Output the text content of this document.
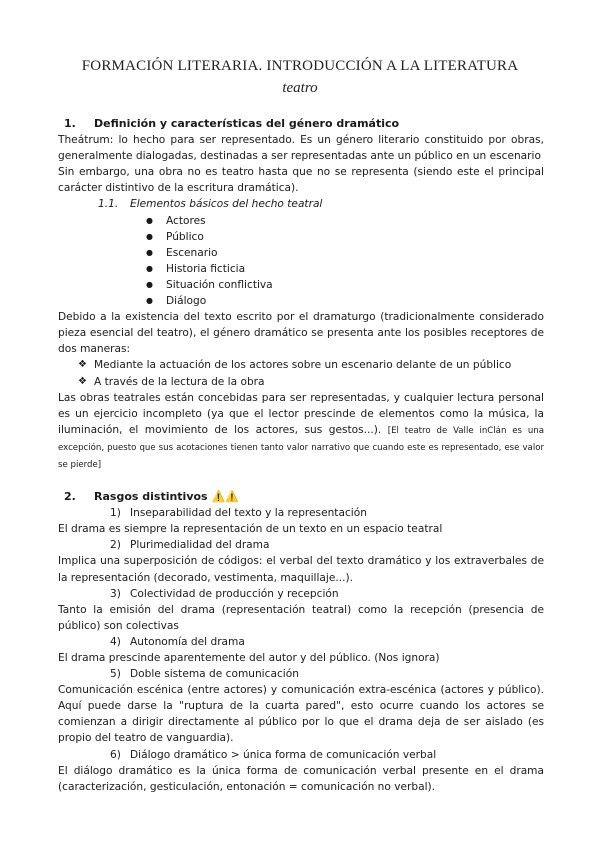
FORMACIÓN LITERARIA. INTRODUCCIÓN A LA LITERATURA
teatro
1. Definición y características del género dramático

Theátrum: lo hecho para ser representado. Es un género literario constituido por obras, generalmente dialogadas, destinadas a ser representadas ante un público en un escenario

Sin embargo, una obra no es teatro hasta que no se representa (siendo este el principal carácter distintivo de la escritura dramática).

1.1. Elementos básicos del hecho teatral

● Actores
● Público
● Escenario
● Historia ficticia
● Situación conflictiva
● Diálogo

Debido a la existencia del texto escrito por el dramaturgo (tradicionalmente considerado pieza esencial del teatro), el género dramático se presenta ante los posibles receptores de dos maneras:

❖ Mediante la actuación de los actores sobre un escenario delante de un público
❖ A través de la lectura de la obra

Las obras teatrales están concebidas para ser representadas, y cualquier lectura personal es un ejercicio incompleto (ya que el lector prescinde de elementos como la música, la iluminación, el movimiento de los actores, sus gestos...). [El teatro de Valle inClán es una excepción, puesto que sus acotaciones tienen tanto valor narrativo que cuando este es representado, ese valor se pierde]

2. Rasgos distintivos ⚠️⚠️

1) Inseparabilidad del texto y la representación

El drama es siempre la representación de un texto en un espacio teatral

2) Plurimedialidad del drama

Implica una superposición de códigos: el verbal del texto dramático y los extraverbales de la representación (decorado, vestimenta, maquillaje...).

3) Colectividad de producción y recepción

Tanto la emisión del drama (representación teatral) como la recepción (presencia de público) son colectivas

4) Autonomía del drama

El drama prescinde aparentemente del autor y del público. (Nos ignora)

5) Doble sistema de comunicación

Comunicación escénica (entre actores) y comunicación extra-escénica (actores y público). Aquí puede darse la "ruptura de la cuarta pared", esto ocurre cuando los actores se comienzan a dirigir directamente al público por lo que el drama deja de ser aislado (es propio del teatro de vanguardia).

6) Diálogo dramático > única forma de comunicación verbal

El diálogo dramático es la única forma de comunicación verbal presente en el drama (caracterización, gesticulación, entonación = comunicación no verbal).
